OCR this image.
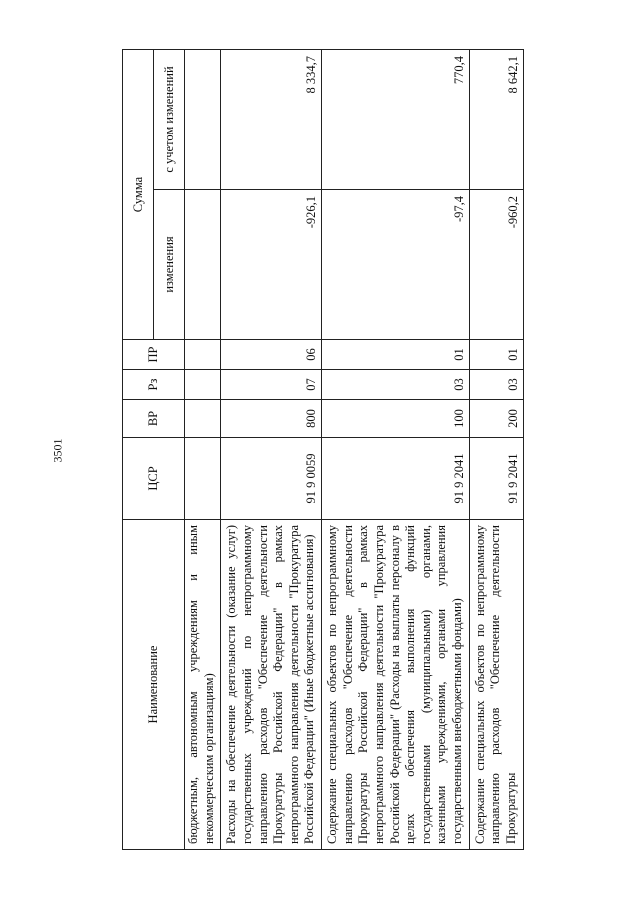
3501
Наименование	ЦСР	ВР	Рз	ПР	Сумма	
					изменения	с учетом изменений
бюджетным, автономным учреждениям и иным некоммерческим организациям)						
Расходы на обеспечение деятельности (оказание услуг) государственных учреждений по непрограммному направлению расходов "Обеспечение деятельности Прокуратуры Российской Федерации" в рамках непрограммного направления деятельности "Прокуратура Российской Федерации" (Иные бюджетные ассигнования)	91 9 0059	800	07	06	-926,1	8 334,7
Содержание специальных объектов по непрограммному направлению расходов "Обеспечение деятельности Прокуратуры Российской Федерации" в рамках непрограммного направления деятельности "Прокуратура Российской Федерации" (Расходы на выплаты персоналу в целях обеспечения выполнения функций государственными (муниципальными) органами, казенными учреждениями, органами управления государственными внебюджетными фондами)	91 9 2041	100	03	01	-97,4	770,4
Содержание специальных объектов по непрограммному направлению расходов "Обеспечение деятельности Прокуратуры	91 9 2041	200	03	01	-960,2	8 642,1
